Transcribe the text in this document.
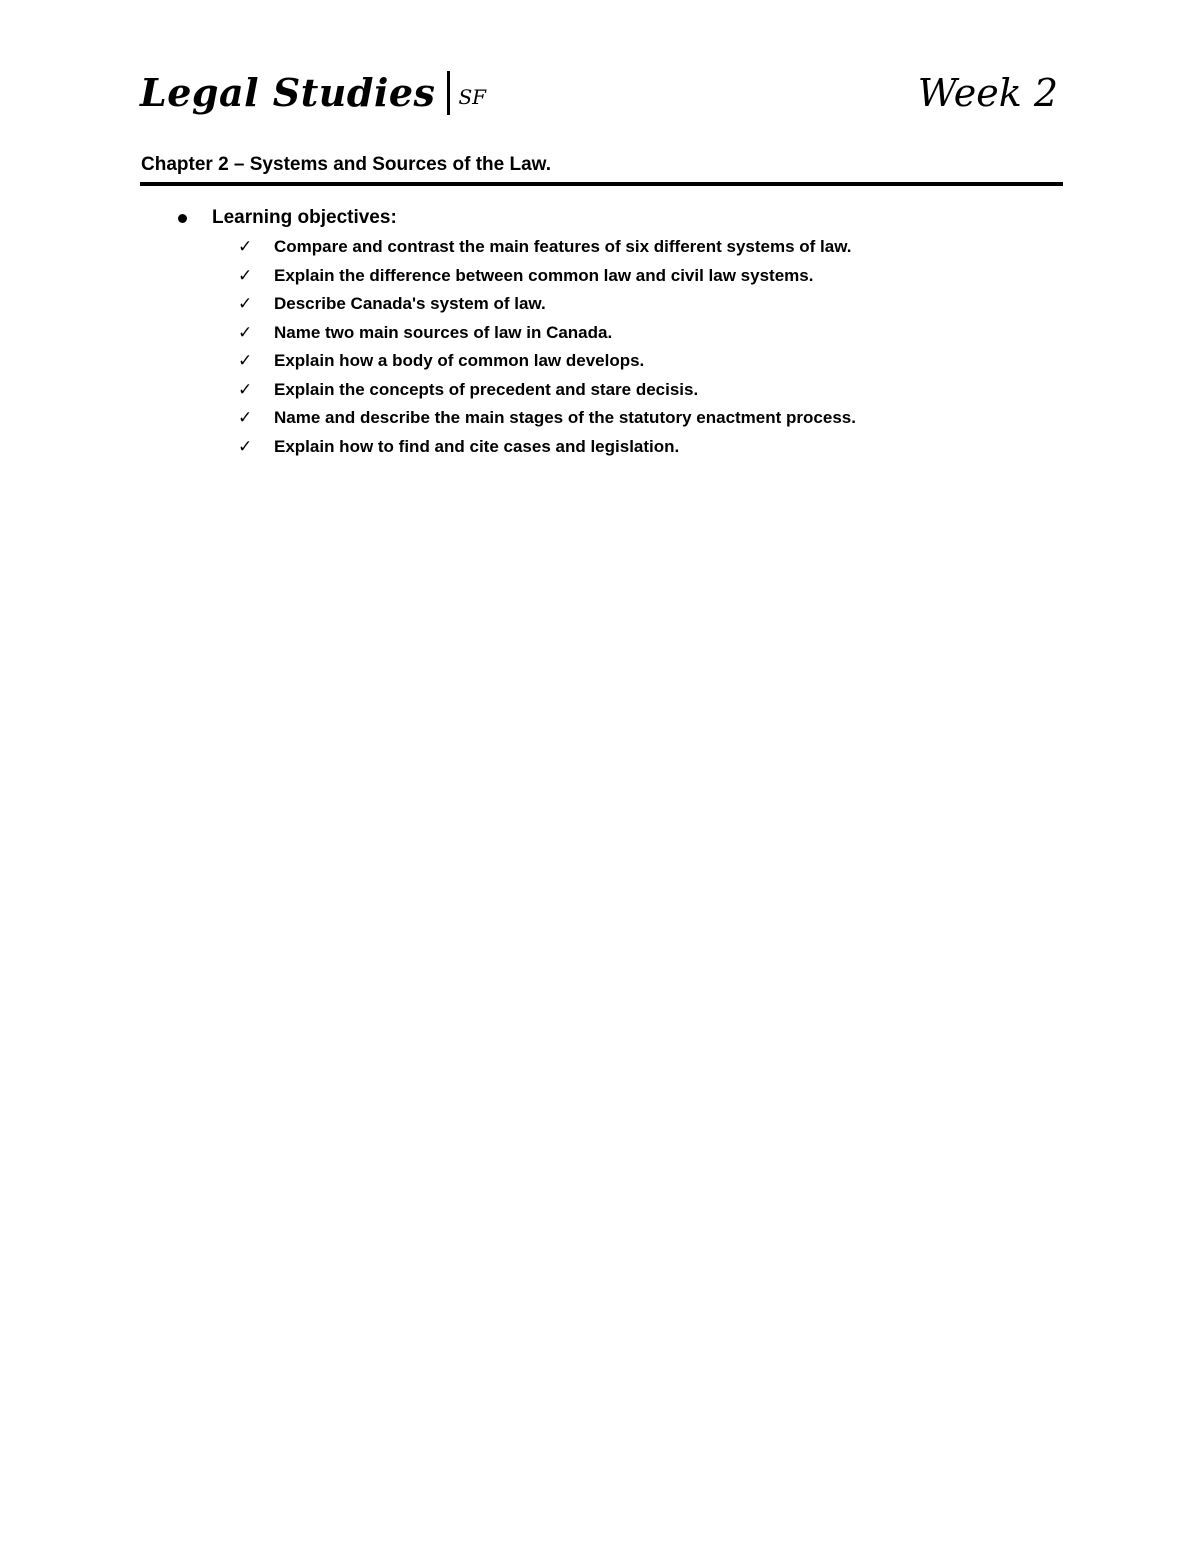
Legal Studies SF	Week 2
Chapter 2 – Systems and Sources of the Law.
Learning objectives:
✓	Compare and contrast the main features of six different systems of law.
✓	Explain the difference between common law and civil law systems.
✓	Describe Canada's system of law.
✓	Name two main sources of law in Canada.
✓	Explain how a body of common law develops.
✓	Explain the concepts of precedent and stare decisis.
✓	Name and describe the main stages of the statutory enactment process.
✓	Explain how to find and cite cases and legislation.
